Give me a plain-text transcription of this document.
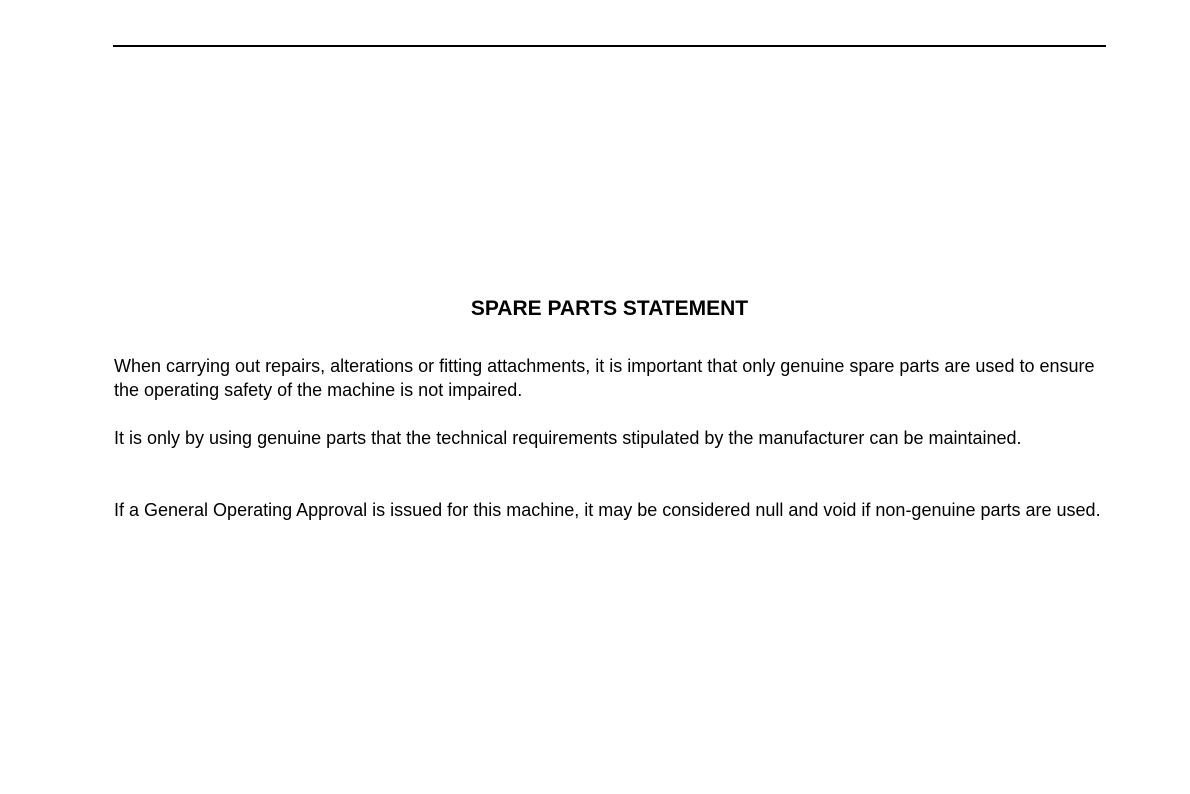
SPARE PARTS STATEMENT

When carrying out repairs, alterations or fitting attachments, it is important that only genuine spare parts are used to ensure the operating safety of the machine is not impaired.

It is only by using genuine parts that the technical requirements stipulated by the manufacturer can be maintained.

If a General Operating Approval is issued for this machine, it may be considered null and void if non-genuine parts are used.
